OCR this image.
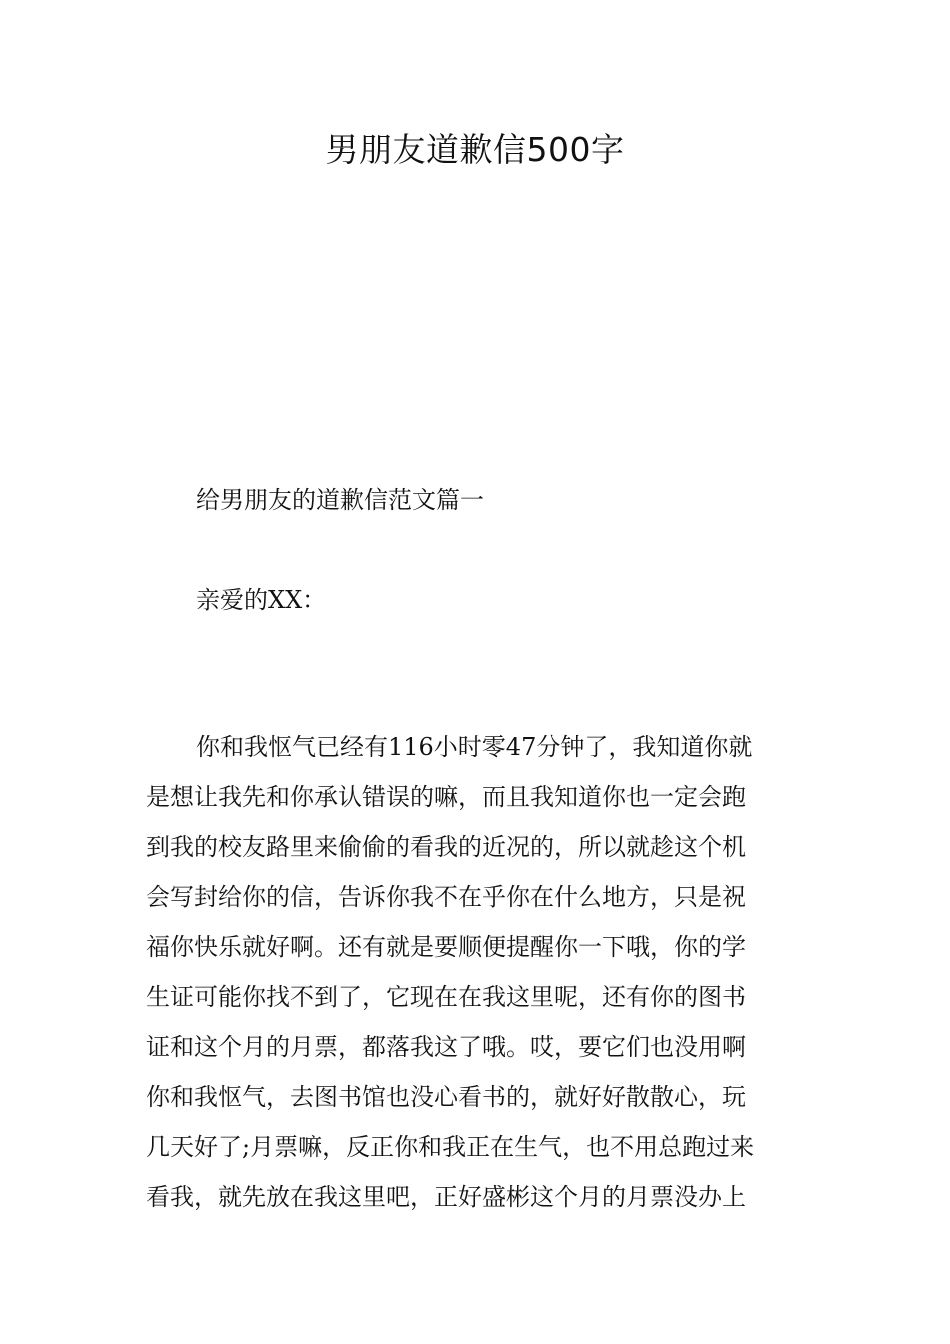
男朋友道歉信500字
给男朋友的道歉信范文篇一

亲爱的XX：

你和我怄气已经有116小时零47分钟了，我知道你就
是想让我先和你承认错误的嘛，而且我知道你也一定会跑
到我的校友路里来偷偷的看我的近况的，所以就趁这个机
会写封给你的信，告诉你我不在乎你在什么地方，只是祝
福你快乐就好啊。还有就是要顺便提醒你一下哦，你的学
生证可能你找不到了，它现在在我这里呢，还有你的图书
证和这个月的月票，都落我这了哦。哎，要它们也没用啊
你和我怄气，去图书馆也没心看书的，就好好散散心，玩
几天好了;月票嘛，反正你和我正在生气，也不用总跑过来
看我，就先放在我这里吧，正好盛彬这个月的月票没办上
